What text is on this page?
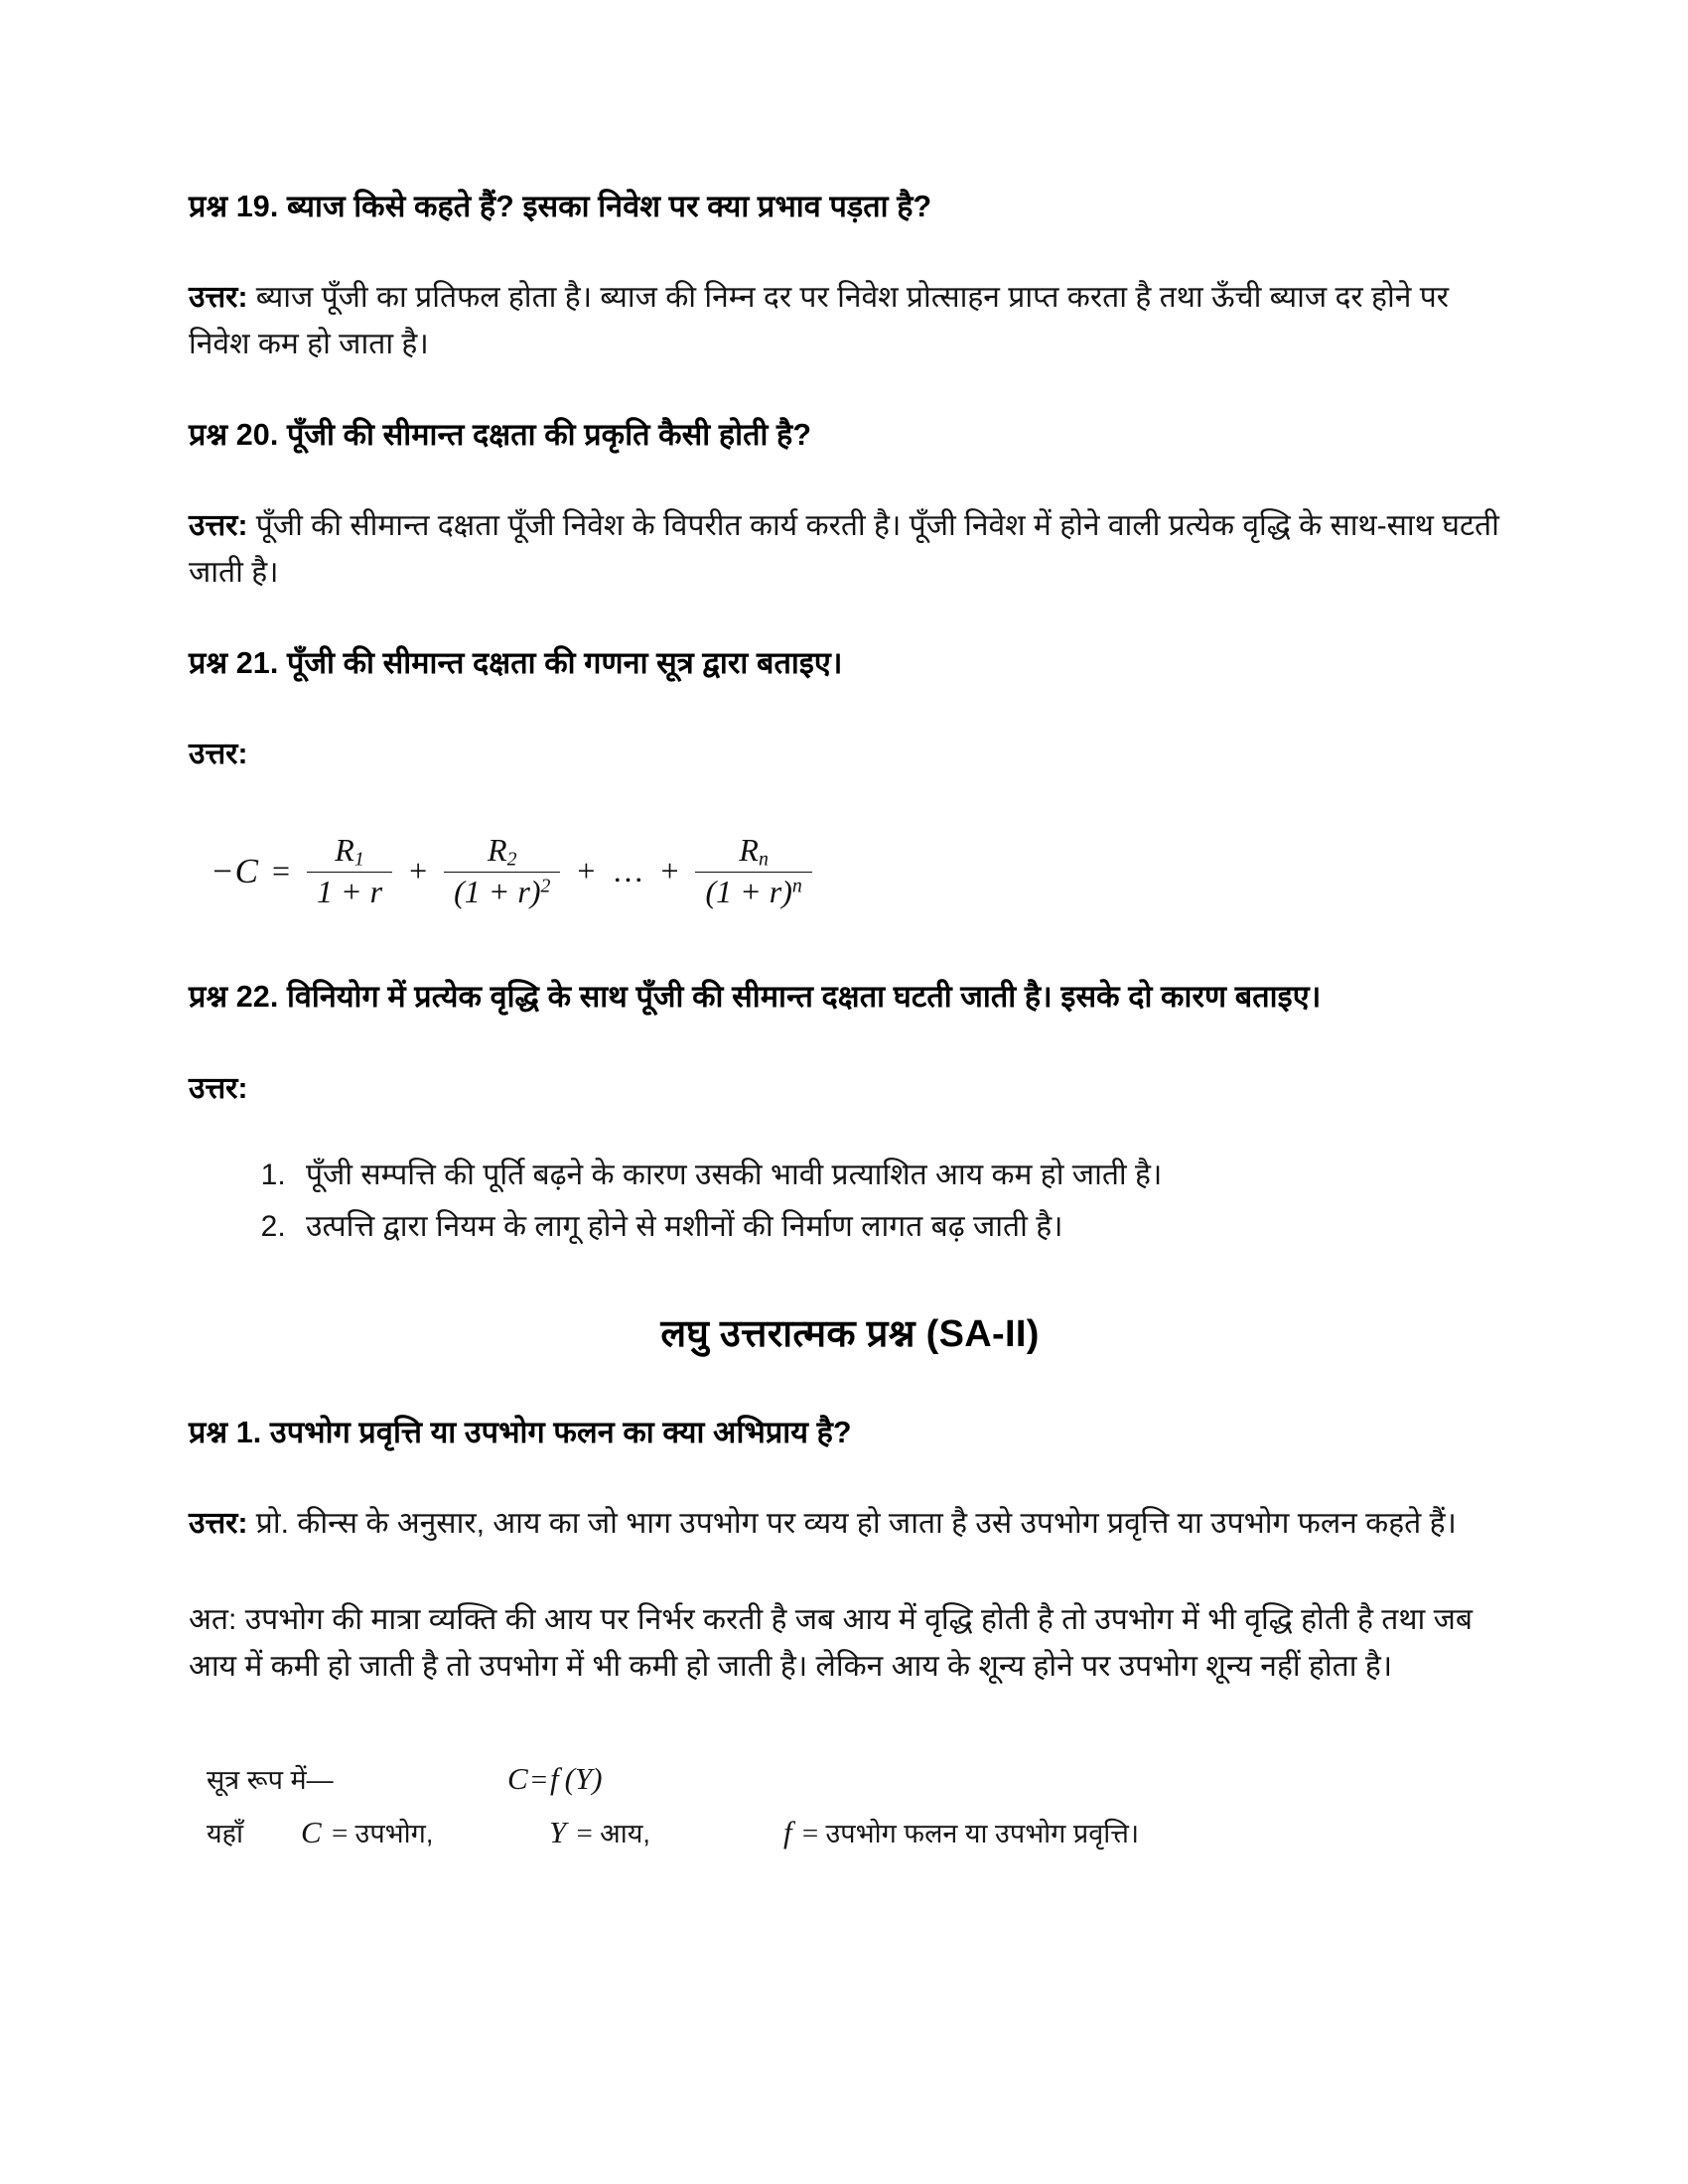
प्रश्न 19. ब्याज किसे कहते हैं? इसका निवेश पर क्या प्रभाव पड़ता है?

उत्तर: ब्याज पूँजी का प्रतिफल होता है। ब्याज की निम्न दर पर निवेश प्रोत्साहन प्राप्त करता है तथा ऊँची ब्याज दर होने पर निवेश कम हो जाता है।

प्रश्न 20. पूँजी की सीमान्त दक्षता की प्रकृति कैसी होती है?

उत्तर: पूँजी की सीमान्त दक्षता पूँजी निवेश के विपरीत कार्य करती है। पूँजी निवेश में होने वाली प्रत्येक वृद्धि के साथ-साथ घटती जाती है।

प्रश्न 21. पूँजी की सीमान्त दक्षता की गणना सूत्र द्वारा बताइए।

उत्तर:

$-C = \frac{R_1}{1 + r} + \frac{R_2}{(1 + r)^2}$ + … + $\frac{R_n}{(1 + r)^n}$
प्रश्न 22. विनियोग में प्रत्येक वृद्धि के साथ पूँजी की सीमान्त दक्षता घटती जाती है। इसके दो कारण बताइए।

उत्तर:

1. पूँजी सम्पत्ति की पूर्ति बढ़ने के कारण उसकी भावी प्रत्याशित आय कम हो जाती है।
2. उत्पत्ति द्वारा नियम के लागू होने से मशीनों की निर्माण लागत बढ़ जाती है।
लघु उत्तरात्मक प्रश्न (SA-II)
प्रश्न 1. उपभोग प्रवृत्ति या उपभोग फलन का क्या अभिप्राय है?

उत्तर: प्रो. कीन्स के अनुसार, आय का जो भाग उपभोग पर व्यय हो जाता है उसे उपभोग प्रवृत्ति या उपभोग फलन कहते हैं।

अत: उपभोग की मात्रा व्यक्ति की आय पर निर्भर करती है जब आय में वृद्धि होती है तो उपभोग में भी वृद्धि होती है तथा जब आय में कमी हो जाती है तो उपभोग में भी कमी हो जाती है। लेकिन आय के शून्य होने पर उपभोग शून्य नहीं होता है।

सूत्र रूप में—	C = f (Y)
यहाँ	C = उपभोग,	Y = आय,	f = उपभोग फलन या उपभोग प्रवृत्ति।
